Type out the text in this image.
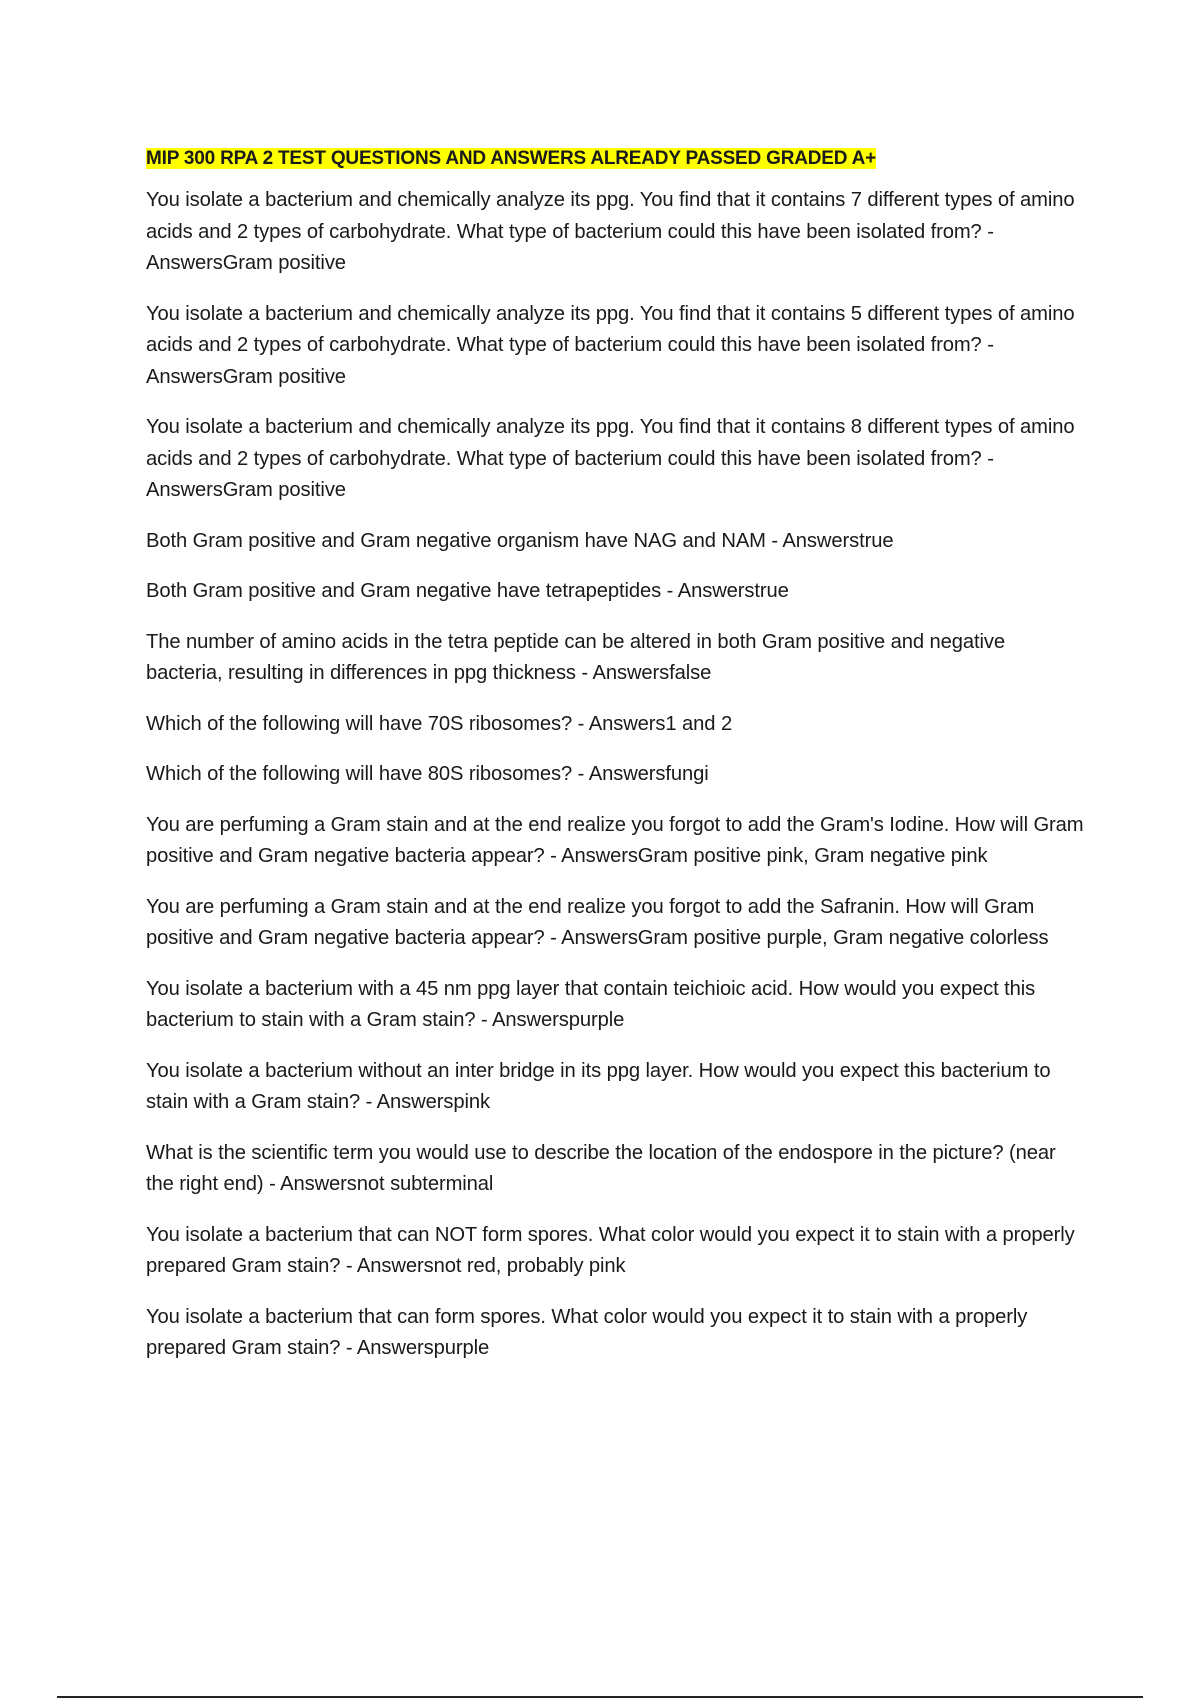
MIP 300 RPA 2 TEST QUESTIONS AND ANSWERS ALREADY PASSED GRADED A+

You isolate a bacterium and chemically analyze its ppg. You find that it contains 7 different types of amino acids and 2 types of carbohydrate. What type of bacterium could this have been isolated from? - AnswersGram positive

You isolate a bacterium and chemically analyze its ppg. You find that it contains 5 different types of amino acids and 2 types of carbohydrate. What type of bacterium could this have been isolated from? - AnswersGram positive

You isolate a bacterium and chemically analyze its ppg. You find that it contains 8 different types of amino acids and 2 types of carbohydrate. What type of bacterium could this have been isolated from? - AnswersGram positive

Both Gram positive and Gram negative organism have NAG and NAM - Answerstrue

Both Gram positive and Gram negative have tetrapeptides - Answerstrue

The number of amino acids in the tetra peptide can be altered in both Gram positive and negative bacteria, resulting in differences in ppg thickness - Answersfalse

Which of the following will have 70S ribosomes? - Answers1 and 2

Which of the following will have 80S ribosomes? - Answersfungi

You are perfuming a Gram stain and at the end realize you forgot to add the Gram's Iodine. How will Gram positive and Gram negative bacteria appear? - AnswersGram positive pink, Gram negative pink

You are perfuming a Gram stain and at the end realize you forgot to add the Safranin. How will Gram positive and Gram negative bacteria appear? - AnswersGram positive purple, Gram negative colorless

You isolate a bacterium with a 45 nm ppg layer that contain teichioic acid. How would you expect this bacterium to stain with a Gram stain? - Answerspurple

You isolate a bacterium without an inter bridge in its ppg layer. How would you expect this bacterium to stain with a Gram stain? - Answerspink

What is the scientific term you would use to describe the location of the endospore in the picture? (near the right end) - Answersnot subterminal

You isolate a bacterium that can NOT form spores. What color would you expect it to stain with a properly prepared Gram stain? - Answersnot red, probably pink

You isolate a bacterium that can form spores. What color would you expect it to stain with a properly prepared Gram stain? - Answerspurple
